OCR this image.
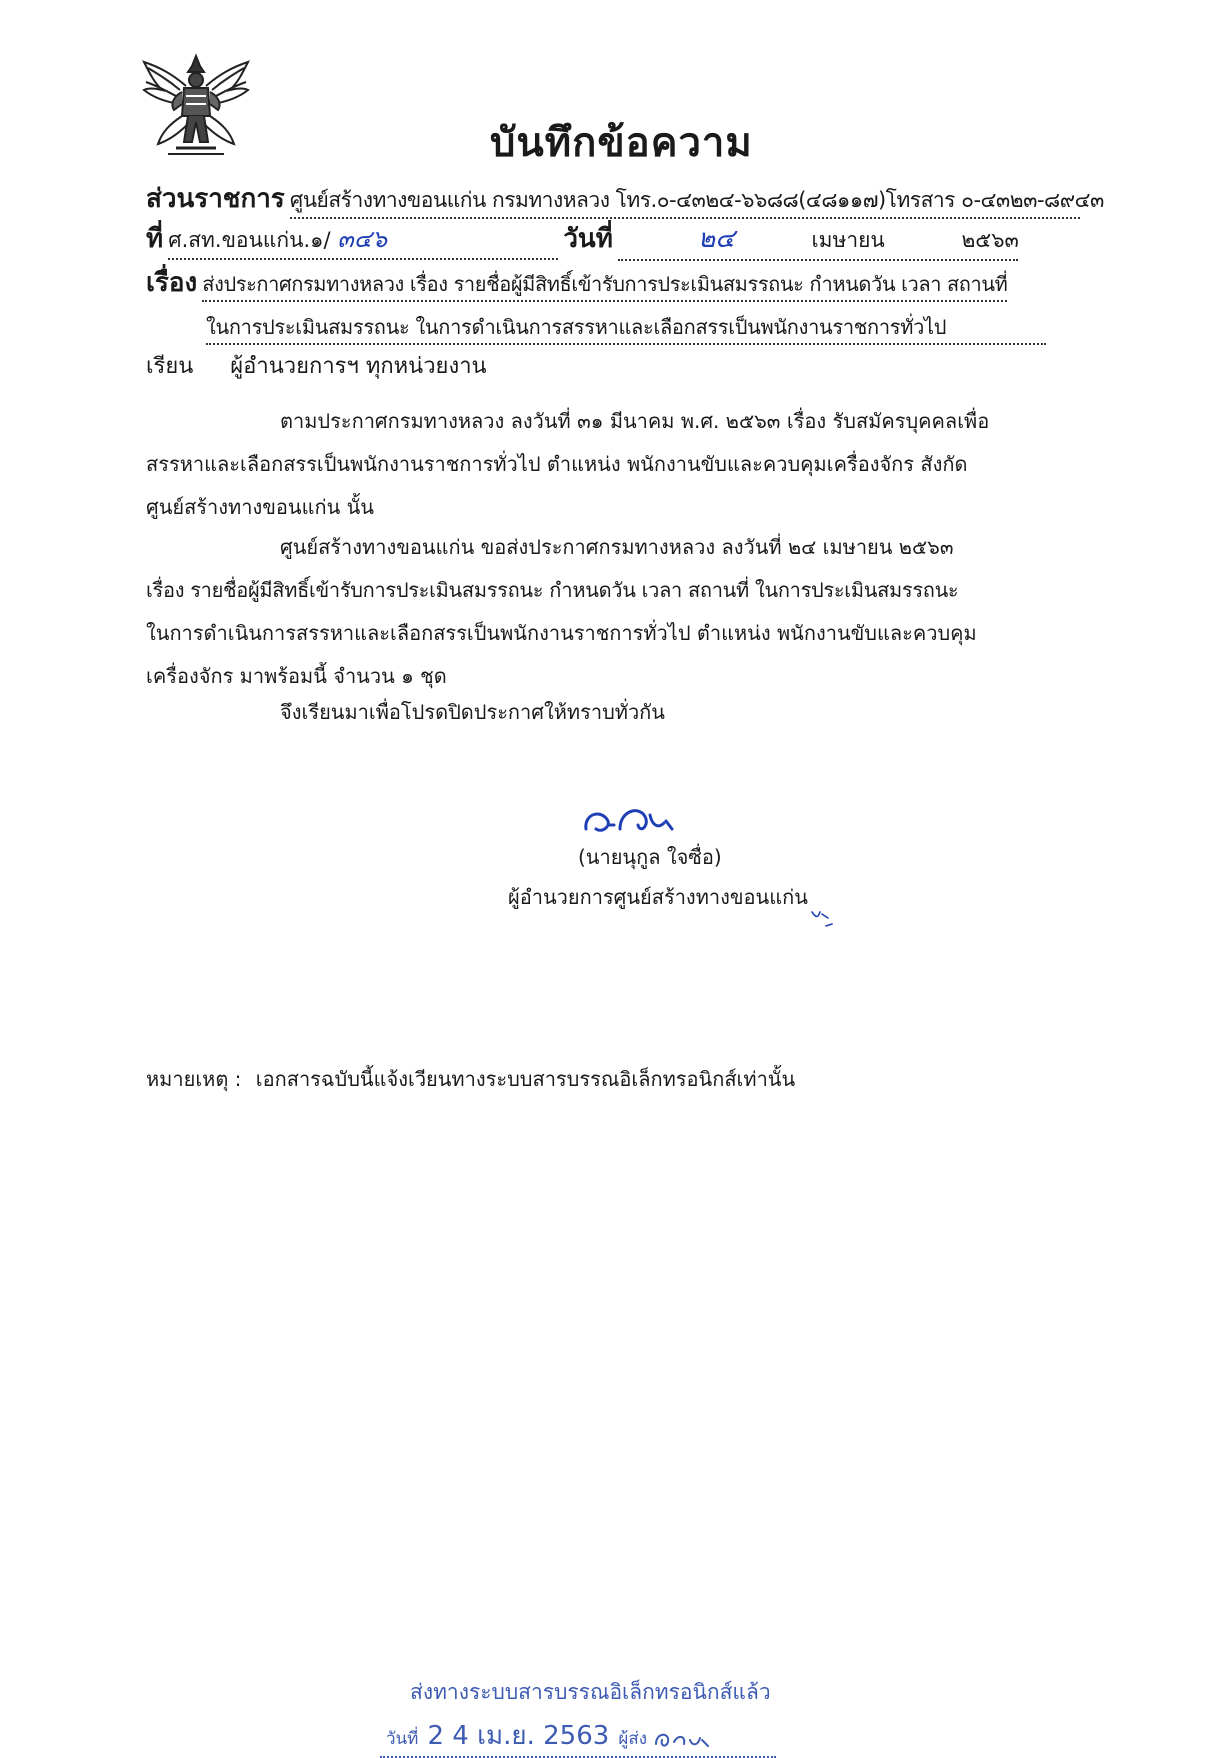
บันทึกข้อความ
ส่วนราชการ ศูนย์สร้างทางขอนแก่น กรมทางหลวง โทร.๐-๔๓๒๔-๖๖๘๘(๔๘๑๑๗)โทรสาร ๐-๔๓๒๓-๘๙๔๓
ที่ ศ.สท.ขอนแก่น.๑/ ๓๔๖	วันที่	๒๔	เมษายน	๒๕๖๓
เรื่อง ส่งประกาศกรมทางหลวง เรื่อง รายชื่อผู้มีสิทธิ์เข้ารับการประเมินสมรรถนะ กำหนดวัน เวลา สถานที่
ในการประเมินสมรรถนะ ในการดำเนินการสรรหาและเลือกสรรเป็นพนักงานราชการทั่วไป
เรียน ผู้อำนวยการฯ ทุกหน่วยงาน
ตามประกาศกรมทางหลวง ลงวันที่ ๓๑ มีนาคม พ.ศ. ๒๕๖๓ เรื่อง รับสมัครบุคคลเพื่อ
สรรหาและเลือกสรรเป็นพนักงานราชการทั่วไป ตำแหน่ง พนักงานขับและควบคุมเครื่องจักร สังกัด
ศูนย์สร้างทางขอนแก่น นั้น
ศูนย์สร้างทางขอนแก่น ขอส่งประกาศกรมทางหลวง ลงวันที่ ๒๔ เมษายน ๒๕๖๓
เรื่อง รายชื่อผู้มีสิทธิ์เข้ารับการประเมินสมรรถนะ กำหนดวัน เวลา สถานที่ ในการประเมินสมรรถนะ
ในการดำเนินการสรรหาและเลือกสรรเป็นพนักงานราชการทั่วไป ตำแหน่ง พนักงานขับและควบคุม
เครื่องจักร มาพร้อมนี้ จำนวน ๑ ชุด
จึงเรียนมาเพื่อโปรดปิดประกาศให้ทราบทั่วกัน
(นายนุกูล ใจซื่อ)
ผู้อำนวยการศูนย์สร้างทางขอนแก่น
หมายเหตุ : เอกสารฉบับนี้แจ้งเวียนทางระบบสารบรรณอิเล็กทรอนิกส์เท่านั้น
ส่งทางระบบสารบรรณอิเล็กทรอนิกส์แล้ว
วันที่ 2 4 เม.ย. 2563 ผู้ส่ง
